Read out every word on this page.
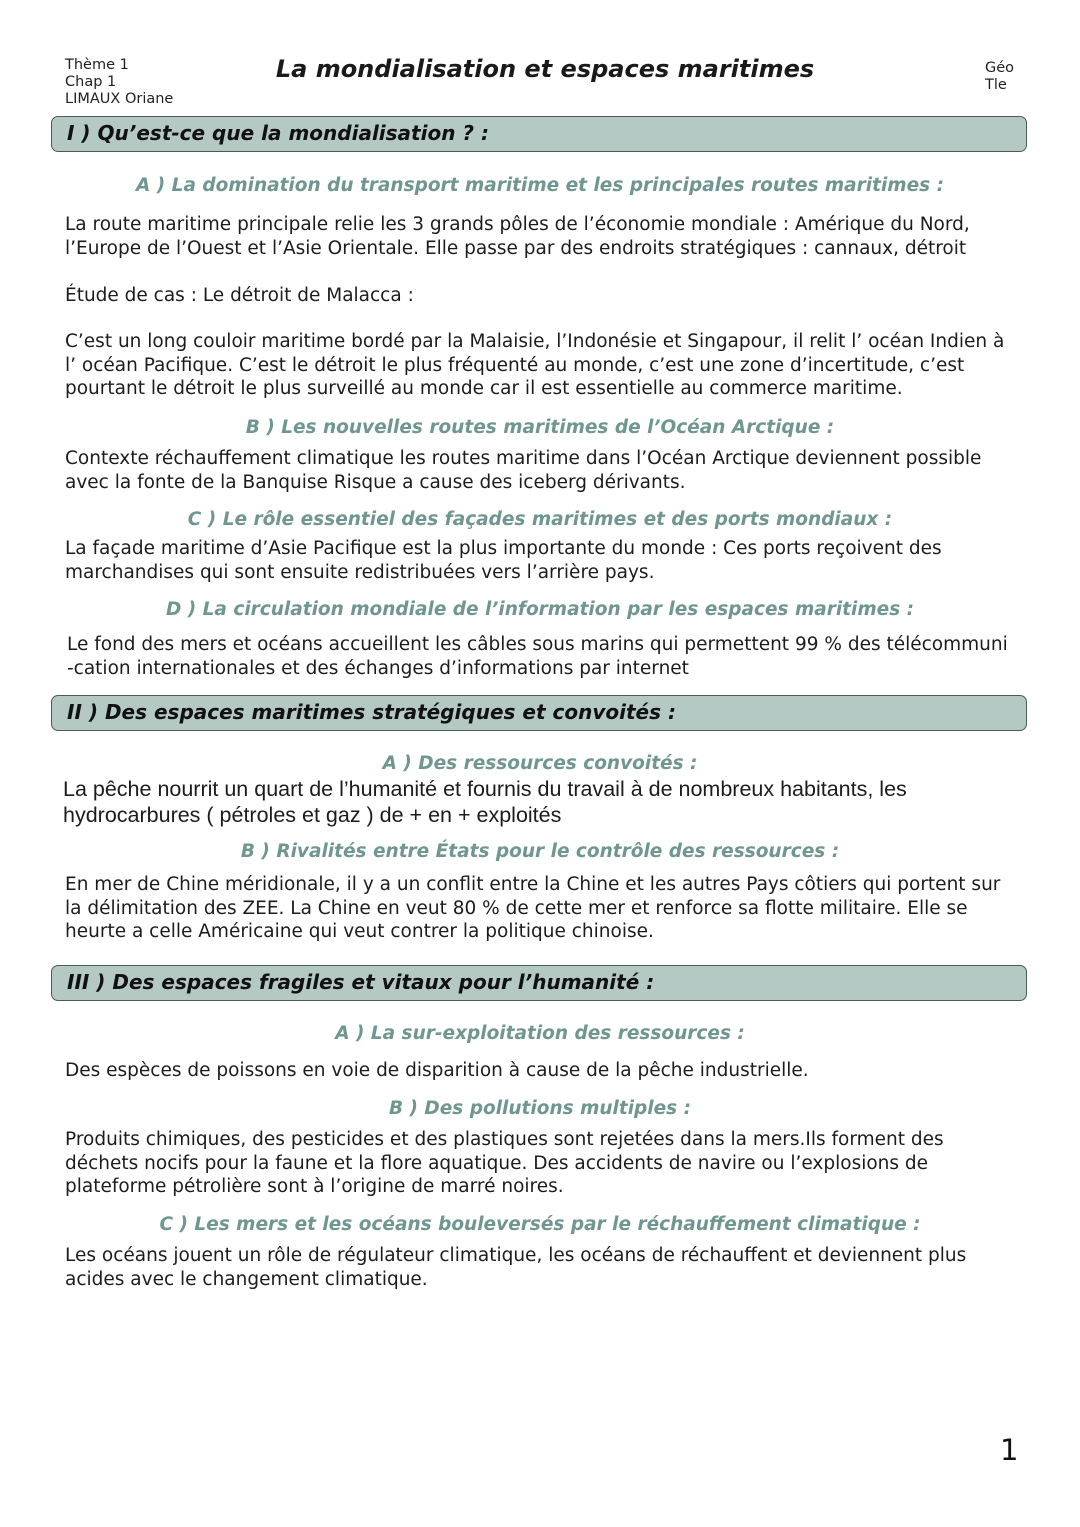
Thème 1
Chap 1
LIMAUX Oriane
La mondialisation et espaces maritimes	Géo
Tle
I ) Qu’est-ce que la mondialisation ? :
A ) La domination du transport maritime et les principales routes maritimes :

La route maritime principale relie les 3 grands pôles de l’économie mondiale : Amérique du Nord,

l’Europe de l’Ouest et l’Asie Orientale. Elle passe par des endroits stratégiques : cannaux, détroit

Étude de cas : Le détroit de Malacca :

C’est un long couloir maritime bordé par la Malaisie, l’Indonésie et Singapour, il relit l’ océan Indien à

l’ océan Pacifique. C’est le détroit le plus fréquenté au monde, c’est une zone d’incertitude, c’est

pourtant le détroit le plus surveillé au monde car il est essentielle au commerce maritime.

B ) Les nouvelles routes maritimes de l’Océan Arctique :

Contexte réchauffement climatique les routes maritime dans l’Océan Arctique deviennent possible

avec la fonte de la Banquise Risque a cause des iceberg dérivants.

C ) Le rôle essentiel des façades maritimes et des ports mondiaux :

La façade maritime d’Asie Pacifique est la plus importante du monde : Ces ports reçoivent des

marchandises qui sont ensuite redistribuées vers l’arrière pays.

D ) La circulation mondiale de l’information par les espaces maritimes :

Le fond des mers et océans accueillent les câbles sous marins qui permettent 99 % des télécommuni

-cation internationales et des échanges d’informations par internet

II ) Des espaces maritimes stratégiques et convoités :
A ) Des ressources convoités :

La pêche nourrit un quart de l’humanité et fournis du travail à de nombreux habitants, les

hydrocarbures ( pétroles et gaz ) de + en + exploités

B ) Rivalités entre États pour le contrôle des ressources :

En mer de Chine méridionale, il y a un conflit entre la Chine et les autres Pays côtiers qui portent sur

la délimitation des ZEE. La Chine en veut 80 % de cette mer et renforce sa flotte militaire. Elle se

heurte a celle Américaine qui veut contrer la politique chinoise.

III ) Des espaces fragiles et vitaux pour l’humanité :
A ) La sur-exploitation des ressources :

Des espèces de poissons en voie de disparition à cause de la pêche industrielle.

B ) Des pollutions multiples :

Produits chimiques, des pesticides et des plastiques sont rejetées dans la mers.Ils forment des

déchets nocifs pour la faune et la flore aquatique. Des accidents de navire ou l’explosions de

plateforme pétrolière sont à l’origine de marré noires.

C ) Les mers et les océans bouleversés par le réchauffement climatique :

Les océans jouent un rôle de régulateur climatique, les océans de réchauffent et deviennent plus

acides avec le changement climatique.

1
